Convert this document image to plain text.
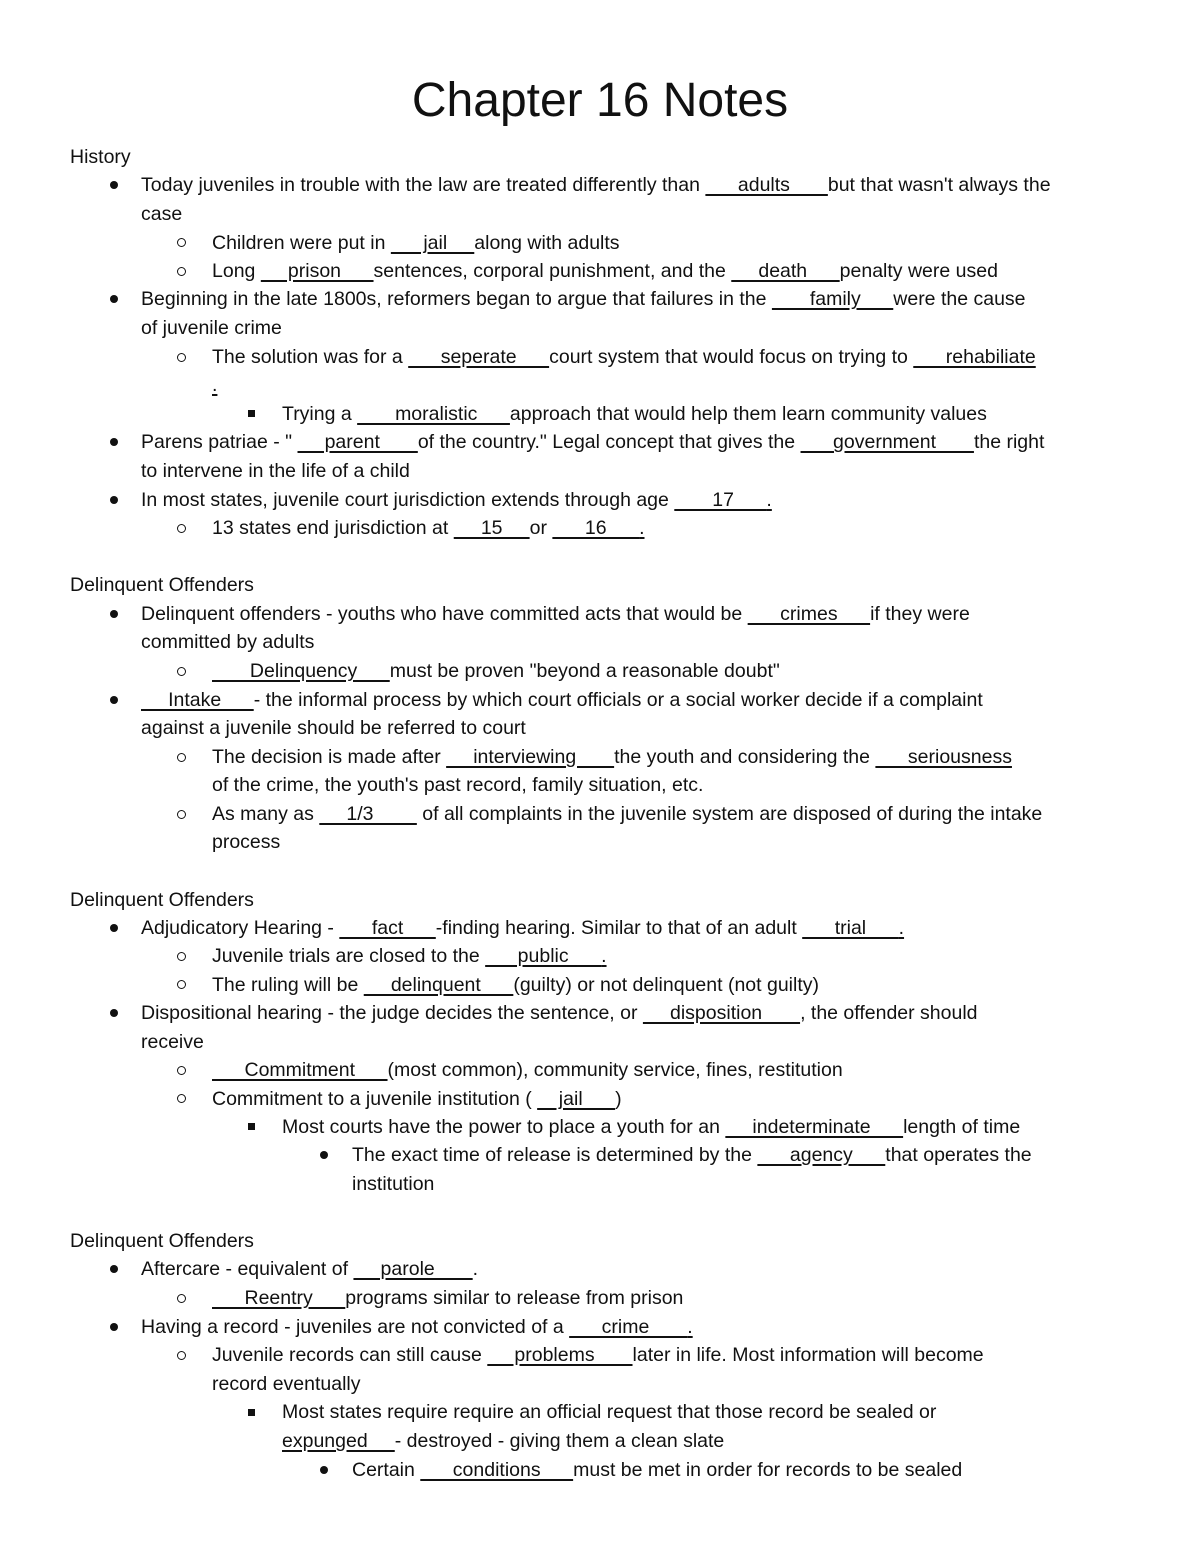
Chapter 16 Notes
History
Today juveniles in trouble with the law are treated differently than       adults       but that wasn't always the
case
Children were put in       jail     along with adults
Long      prison      sentences, corporal punishment, and the      death      penalty were used
Beginning in the late 1800s, reformers began to argue that failures in the        family      were the cause
of juvenile crime
The solution was for a       seperate      court system that would focus on trying to       rehabiliate
.
Trying a        moralistic      approach that would help them learn community values
Parens patriae - "      parent       of the country." Legal concept that gives the       government       the right
to intervene in the life of a child
In most states, juvenile court jurisdiction extends through age        17      .
13 states end jurisdiction at      15     or       16      .
Delinquent Offenders
Delinquent offenders - youths who have committed acts that would be       crimes      if they were
committed by adults
Delinquency      must be proven "beyond a reasonable doubt"
Intake      - the informal process by which court officials or a social worker decide if a complaint
against a juvenile should be referred to court
The decision is made after      interviewing       the youth and considering the       seriousness
of the crime, the youth's past record, family situation, etc.
As many as      1/3         of all complaints in the juvenile system are disposed of during the intake
process
Delinquent Offenders
Adjudicatory Hearing -       fact      -finding hearing. Similar to that of an adult       trial      .
Juvenile trials are closed to the       public      .
The ruling will be      delinquent      (guilty) or not delinquent (not guilty)
Dispositional hearing - the judge decides the sentence, or      disposition       , the offender should
receive
Commitment      (most common), community service, fines, restitution
Commitment to a juvenile institution (     jail      )
Most courts have the power to place a youth for an      indeterminate      length of time
The exact time of release is determined by the       agency      that operates the
institution
Delinquent Offenders
Aftercare - equivalent of      parole       .
Reentry      programs similar to release from prison
Having a record - juveniles are not convicted of a       crime       .
Juvenile records can still cause      problems       later in life. Most information will become
record eventually
Most states require require an official request that those record be sealed or
expunged     - destroyed - giving them a clean slate
Certain       conditions      must be met in order for records to be sealed
